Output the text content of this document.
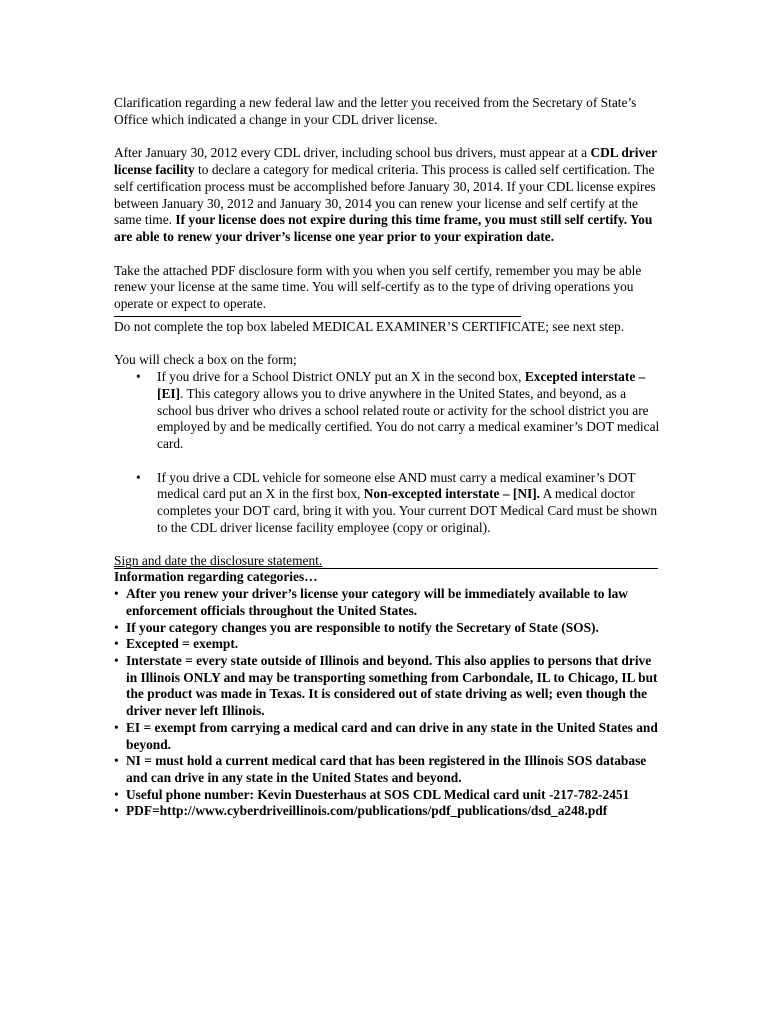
Clarification regarding a new federal law and the letter you received from the Secretary of State’s Office which indicated a change in your CDL driver license.

After January 30, 2012 every CDL driver, including school bus drivers, must appear at a CDL driver license facility to declare a category for medical criteria. This process is called self certification. The self certification process must be accomplished before January 30, 2014. If your CDL license expires between January 30, 2012 and January 30, 2014 you can renew your license and self certify at the same time. If your license does not expire during this time frame, you must still self certify. You are able to renew your driver’s license one year prior to your expiration date.

Take the attached PDF disclosure form with you when you self certify, remember you may be able renew your license at the same time. You will self-certify as to the type of driving operations you operate or expect to operate.

Do not complete the top box labeled MEDICAL EXAMINER’S CERTIFICATE; see next step.

You will check a box on the form;

• If you drive for a School District ONLY put an X in the second box, Excepted interstate – [EI]. This category allows you to drive anywhere in the United States, and beyond, as a school bus driver who drives a school related route or activity for the school district you are employed by and be medically certified. You do not carry a medical examiner’s DOT medical card.
• If you drive a CDL vehicle for someone else AND must carry a medical examiner’s DOT medical card put an X in the first box, Non-excepted interstate – [NI]. A medical doctor completes your DOT card, bring it with you. Your current DOT Medical Card must be shown to the CDL driver license facility employee (copy or original).
Sign and date the disclosure statement.

Information regarding categories…

• After you renew your driver’s license your category will be immediately available to law enforcement officials throughout the United States.
• If your category changes you are responsible to notify the Secretary of State (SOS).
• Excepted = exempt.
• Interstate = every state outside of Illinois and beyond. This also applies to persons that drive in Illinois ONLY and may be transporting something from Carbondale, IL to Chicago, IL but the product was made in Texas. It is considered out of state driving as well; even though the driver never left Illinois.
• EI = exempt from carrying a medical card and can drive in any state in the United States and beyond.
• NI = must hold a current medical card that has been registered in the Illinois SOS database and can drive in any state in the United States and beyond.
• Useful phone number: Kevin Duesterhaus at SOS CDL Medical card unit -217-782-2451
• PDF=http://www.cyberdriveillinois.com/publications/pdf_publications/dsd_a248.pdf
